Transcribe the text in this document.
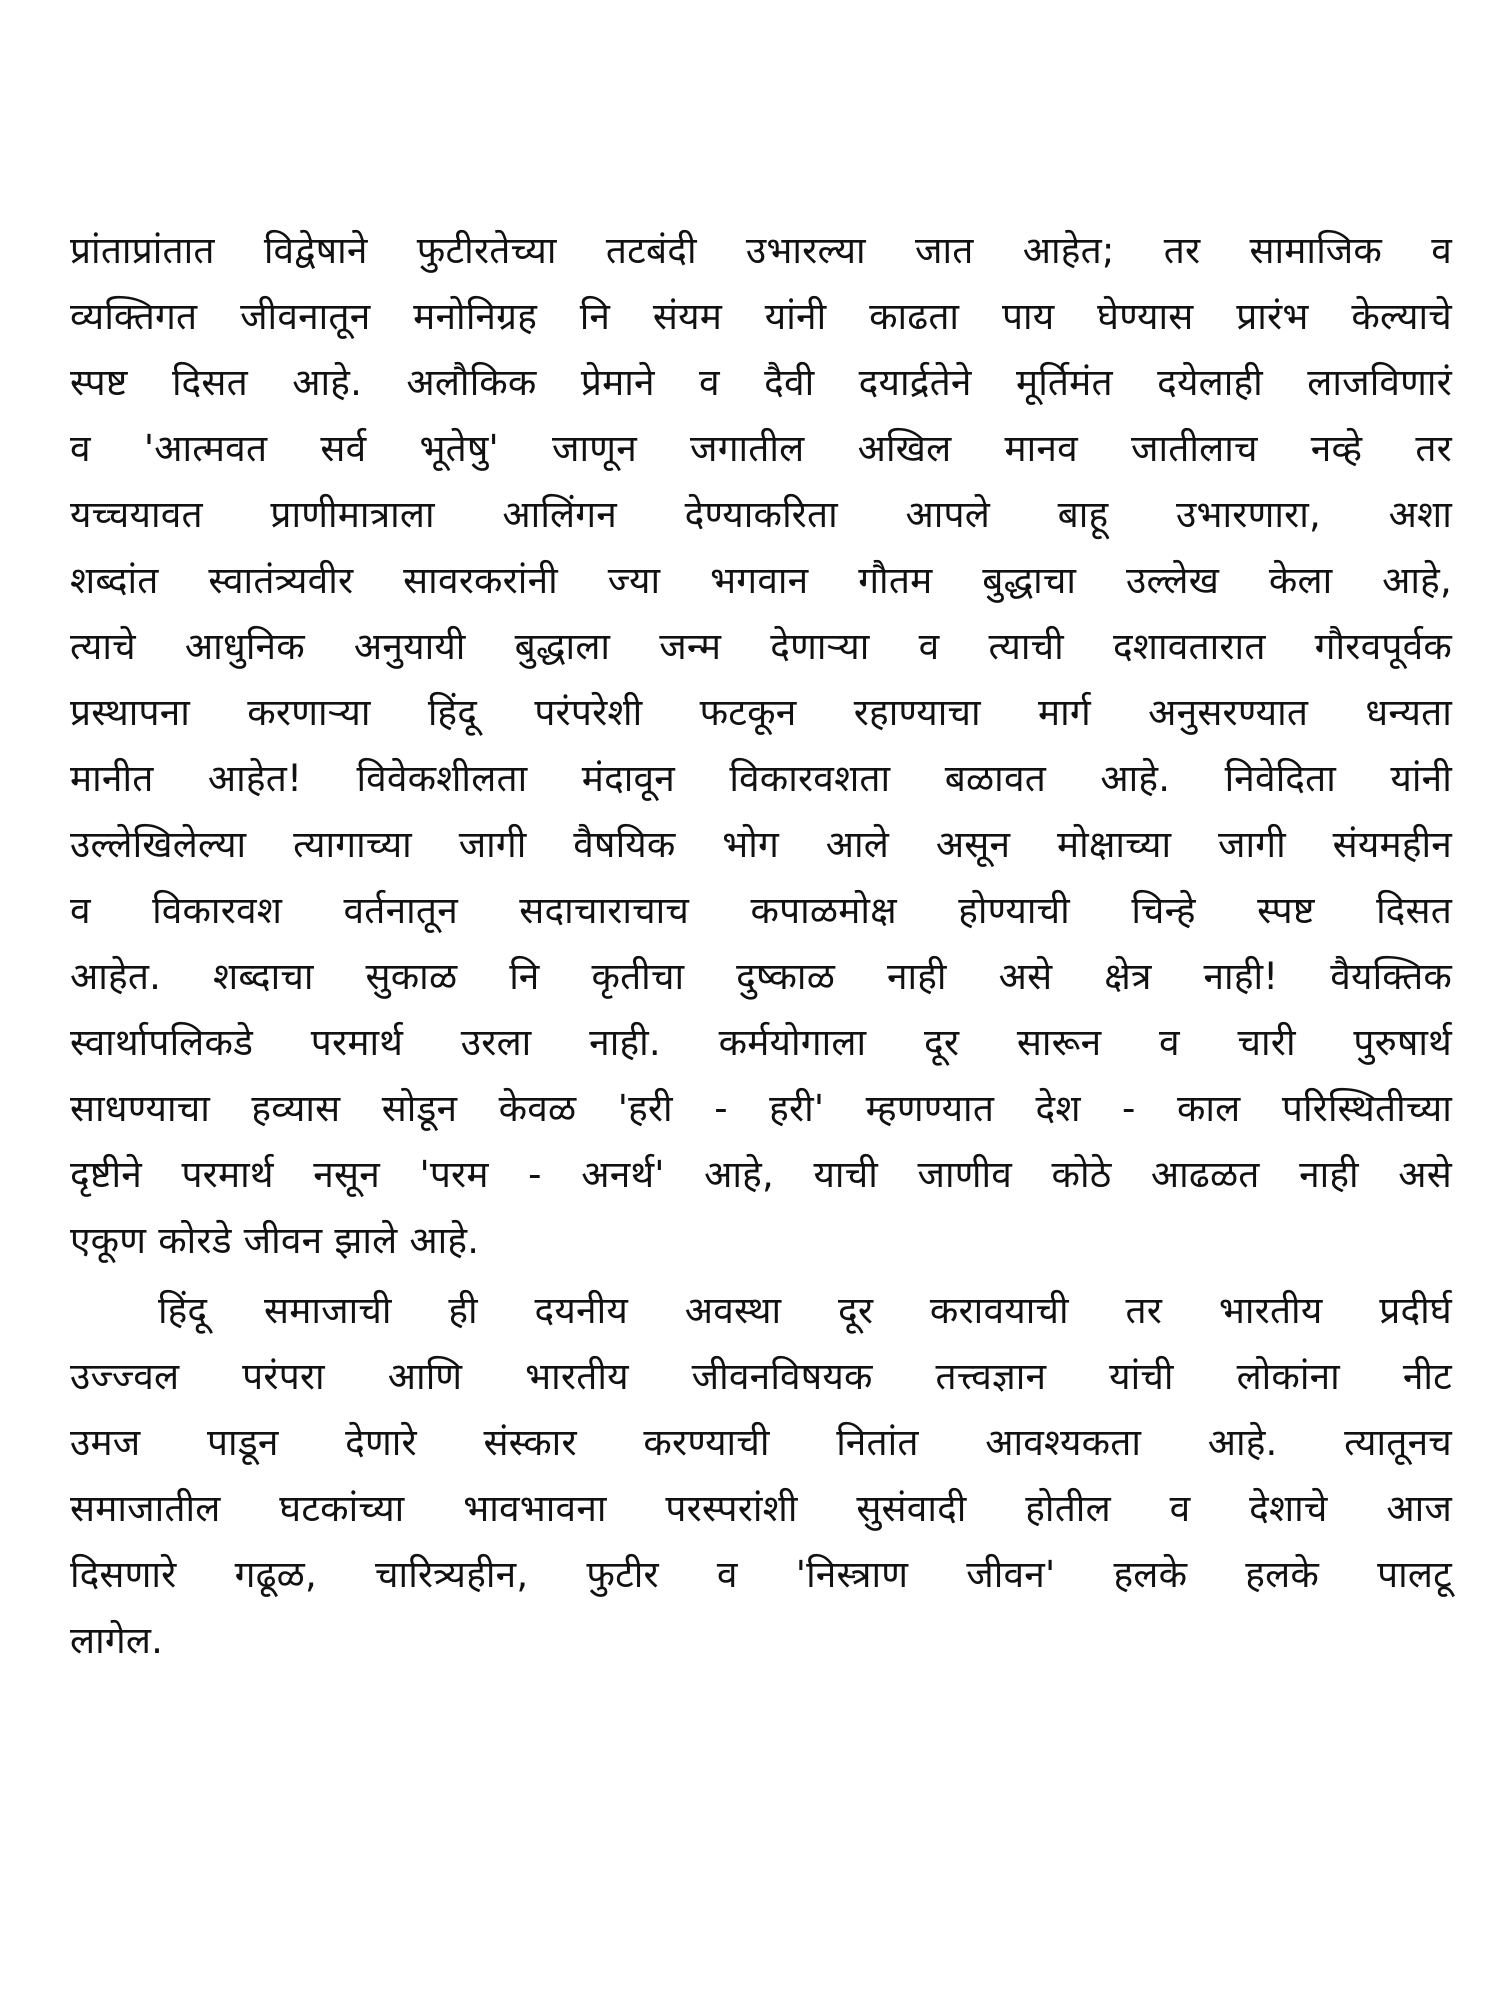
प्रांताप्रांतात विद्वेषाने फुटीरतेच्या तटबंदी उभारल्या जात आहेत; तर सामाजिक व
व्यक्तिगत जीवनातून मनोनिग्रह नि संयम यांनी काढता पाय घेण्यास प्रारंभ केल्याचे
स्पष्ट दिसत आहे. अलौकिक प्रेमाने व दैवी दयार्द्रतेने मूर्तिमंत दयेलाही लाजविणारं
व 'आत्मवत सर्व भूतेषु' जाणून जगातील अखिल मानव जातीलाच नव्हे तर
यच्चयावत प्राणीमात्राला आलिंगन देण्याकरिता आपले बाहू उभारणारा, अशा
शब्दांत स्वातंत्र्यवीर सावरकरांनी ज्या भगवान गौतम बुद्धाचा उल्लेख केला आहे,
त्याचे आधुनिक अनुयायी बुद्धाला जन्म देणाऱ्या व त्याची दशावतारात गौरवपूर्वक
प्रस्थापना करणाऱ्या हिंदू परंपरेशी फटकून रहाण्याचा मार्ग अनुसरण्यात धन्यता
मानीत आहेत! विवेकशीलता मंदावून विकारवशता बळावत आहे. निवेदिता यांनी
उल्लेखिलेल्या त्यागाच्या जागी वैषयिक भोग आले असून मोक्षाच्या जागी संयमहीन
व विकारवश वर्तनातून सदाचाराचाच कपाळमोक्ष होण्याची चिन्हे स्पष्ट दिसत
आहेत. शब्दाचा सुकाळ नि कृतीचा दुष्काळ नाही असे क्षेत्र नाही! वैयक्तिक
स्वार्थापलिकडे परमार्थ उरला नाही. कर्मयोगाला दूर सारून व चारी पुरुषार्थ
साधण्याचा हव्यास सोडून केवळ 'हरी - हरी' म्हणण्यात देश - काल परिस्थितीच्या
दृष्टीने परमार्थ नसून 'परम - अनर्थ' आहे, याची जाणीव कोठे आढळत नाही असे
एकूण कोरडे जीवन झाले आहे.
हिंदू समाजाची ही दयनीय अवस्था दूर करावयाची तर भारतीय प्रदीर्घ
उज्ज्वल परंपरा आणि भारतीय जीवनविषयक तत्त्वज्ञान यांची लोकांना नीट
उमज पाडून देणारे संस्कार करण्याची नितांत आवश्यकता आहे. त्यातूनच
समाजातील घटकांच्या भावभावना परस्परांशी सुसंवादी होतील व देशाचे आज
दिसणारे गढूळ, चारित्र्यहीन, फुटीर व 'निस्त्राण जीवन' हलके हलके पालटू
लागेल.
